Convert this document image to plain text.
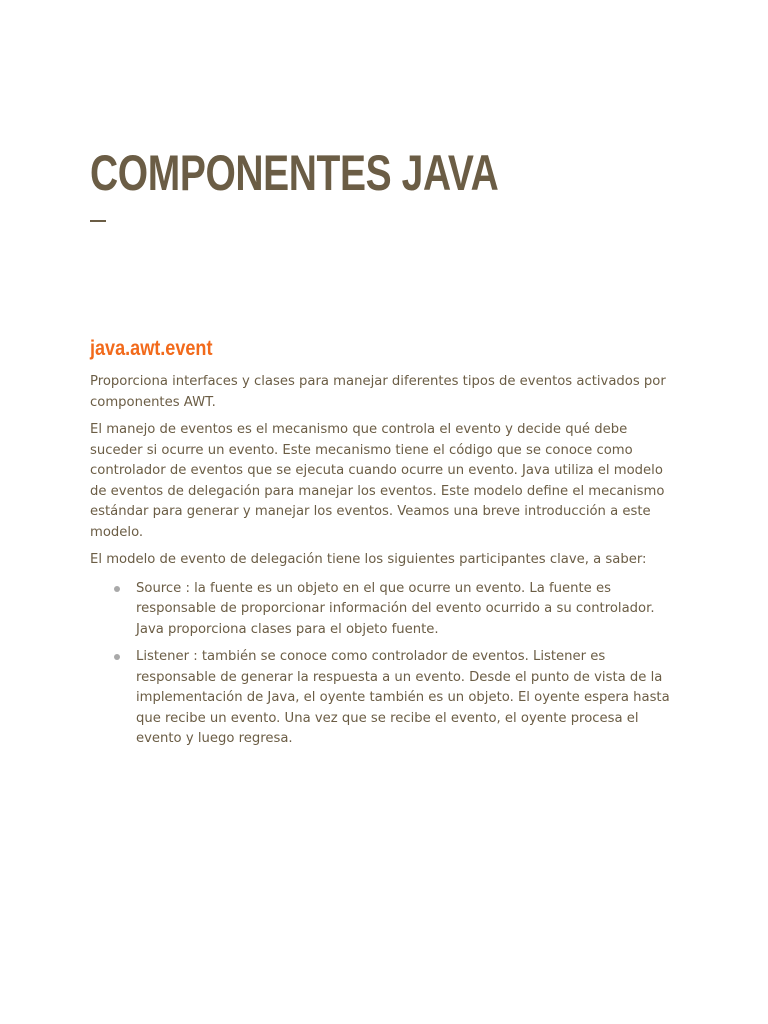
COMPONENTES JAVA
java.awt.event

Proporciona interfaces y clases para manejar diferentes tipos de eventos activados por componentes AWT.

El manejo de eventos es el mecanismo que controla el evento y decide qué debe suceder si ocurre un evento. Este mecanismo tiene el código que se conoce como controlador de eventos que se ejecuta cuando ocurre un evento. Java utiliza el modelo de eventos de delegación para manejar los eventos. Este modelo define el mecanismo estándar para generar y manejar los eventos. Veamos una breve introducción a este modelo.

El modelo de evento de delegación tiene los siguientes participantes clave, a saber:

Source : la fuente es un objeto en el que ocurre un evento. La fuente es responsable de proporcionar información del evento ocurrido a su controlador. Java proporciona clases para el objeto fuente.
Listener : también se conoce como controlador de eventos. Listener es responsable de generar la respuesta a un evento. Desde el punto de vista de la implementación de Java, el oyente también es un objeto. El oyente espera hasta que recibe un evento. Una vez que se recibe el evento, el oyente procesa el evento y luego regresa.
